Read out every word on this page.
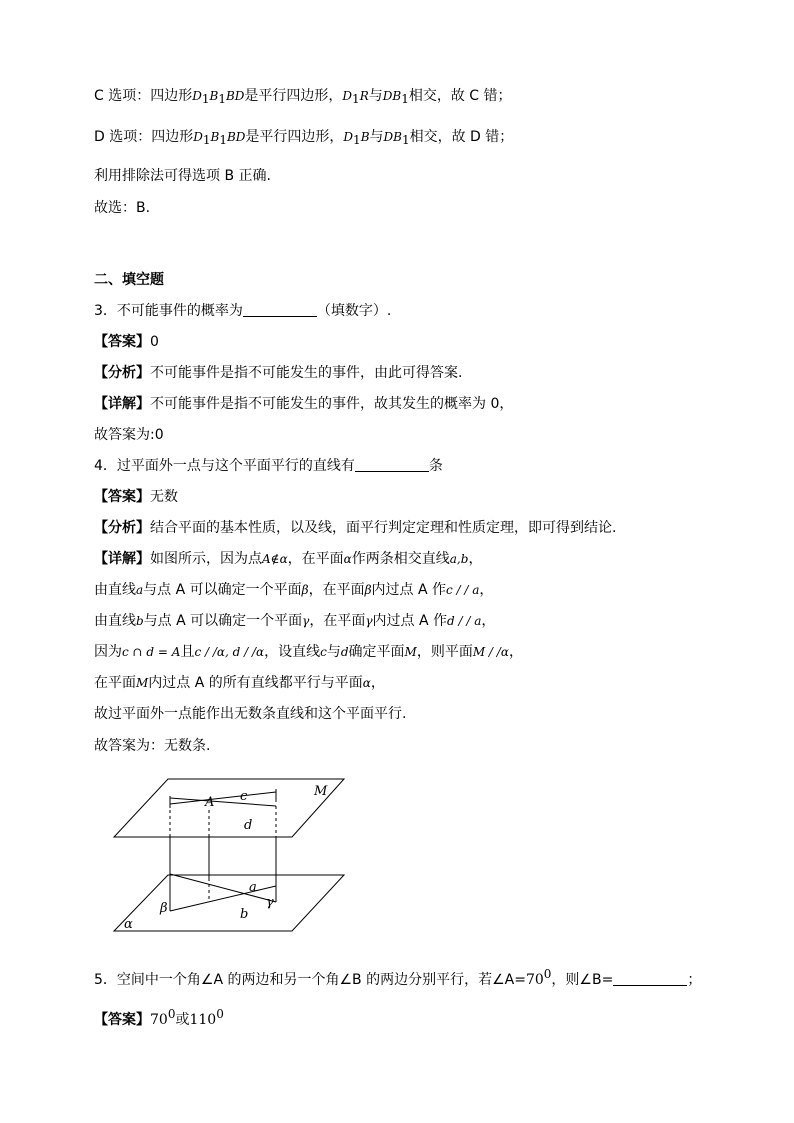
C 选项：四边形$D_1B_1BD$是平行四边形，$D_1R$与$DB_1$相交，故 C 错；
D 选项：四边形$D_1B_1BD$是平行四边形，$D_1B$与$DB_1$相交，故 D 错；
利用排除法可得选项 B 正确.
故选：B.
二、填空题
3．不可能事件的概率为	（填数字）.
【答案】0
【分析】不可能事件是指不可能发生的事件，由此可得答案.
【详解】不可能事件是指不可能发生的事件，故其发生的概率为 0，
故答案为:0
4．过平面外一点与这个平面平行的直线有	条
【答案】无数
【分析】结合平面的基本性质，以及线，面平行判定定理和性质定理，即可得到结论.
【详解】如图所示，因为点A∉α，在平面α作两条相交直线a,b，
由直线a与点 A 可以确定一个平面β，在平面β内过点 A 作c / / a，
由直线b与点 A 可以确定一个平面γ，在平面γ内过点 A 作d / / a，
因为c ∩ d = A且c / /α, d / /α，设直线c与d确定平面M，则平面M / /α，
在平面M内过点 A 的所有直线都平行与平面α，
故过平面外一点能作出无数条直线和这个平面平行.
故答案为：无数条.
M
A c
d
a
b
β	γ
α
5．空间中一个角∠A 的两边和另一个角∠B 的两边分别平行，若$\angle A=70^0$，则∠B=	；
【答案】$70^0$或$110^0$
